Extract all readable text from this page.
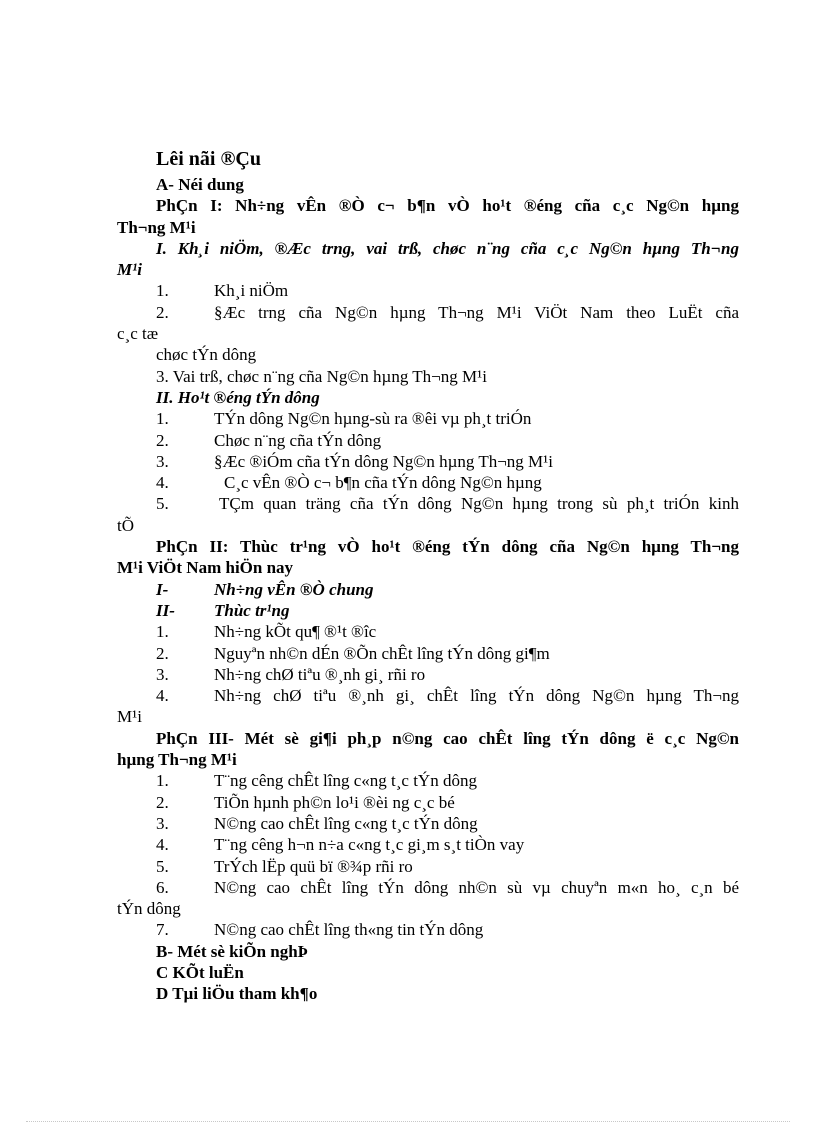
Lêi nãi ®Çu

A- Néi dung

PhÇn I: Nh÷ng vÊn ®Ò c¬ b¶n vÒ ho¹t ®éng cña c¸c Ng©n hµng

Th¬ng M¹i

I. Kh¸i niÖm, ®Æc trng, vai trß, chøc n¨ng cña c¸c Ng©n hµng Th¬ng

M¹i

1.	Kh¸i niÖm
2.	§Æc trng cña Ng©n hµng Th¬ng M¹i ViÖt Nam theo LuËt cña

c¸c tæ

chøc tÝn dông

3. Vai trß, chøc n¨ng cña Ng©n hµng Th¬ng M¹i

II. Ho¹t ®éng tÝn dông

1.	TÝn dông Ng©n hµng-sù ra ®êi vµ ph¸t triÓn
2.	Chøc n¨ng cña tÝn dông
3.	§Æc ®iÓm cña tÝn dông Ng©n hµng Th¬ng M¹i
4.	C¸c vÊn ®Ò c¬ b¶n cña tÝn dông Ng©n hµng
5.	TÇm quan träng cña tÝn dông Ng©n hµng trong sù ph¸t triÓn kinh

tÕ

PhÇn II: Thùc tr¹ng vÒ ho¹t ®éng tÝn dông cña Ng©n hµng Th¬ng

M¹i ViÖt Nam hiÖn nay

I-	Nh÷ng vÊn ®Ò chung
II-	Thùc tr¹ng
1.	Nh÷ng kÕt qu¶ ®¹t ®îc
2.	Nguyªn nh©n dÉn ®Õn chÊt lîng tÝn dông gi¶m
3.	Nh÷ng chØ tiªu ®¸nh gi¸ rñi ro
4.	Nh÷ng chØ tiªu ®¸nh gi¸ chÊt lîng tÝn dông Ng©n hµng Th¬ng

M¹i

PhÇn III- Mét sè gi¶i ph¸p n©ng cao chÊt lîng tÝn dông ë c¸c Ng©n

hµng Th¬ng M¹i

1.	T¨ng cêng chÊt lîng c«ng t¸c tÝn dông
2.	TiÕn hµnh ph©n lo¹i ®èi ng c¸c bé
3.	N©ng cao chÊt lîng c«ng t¸c tÝn dông
4.	T¨ng cêng h¬n n÷a c«ng t¸c gi¸m s¸t tiÒn vay
5.	TrÝch lËp quü bï ®¾p rñi ro
6.	N©ng cao chÊt lîng tÝn dông nh©n sù vµ chuyªn m«n ho¸ c¸n bé

tÝn dông

7.	N©ng cao chÊt lîng th«ng tin tÝn dông

B- Mét sè kiÕn nghÞ

C KÕt luËn

D Tµi liÖu tham kh¶o
